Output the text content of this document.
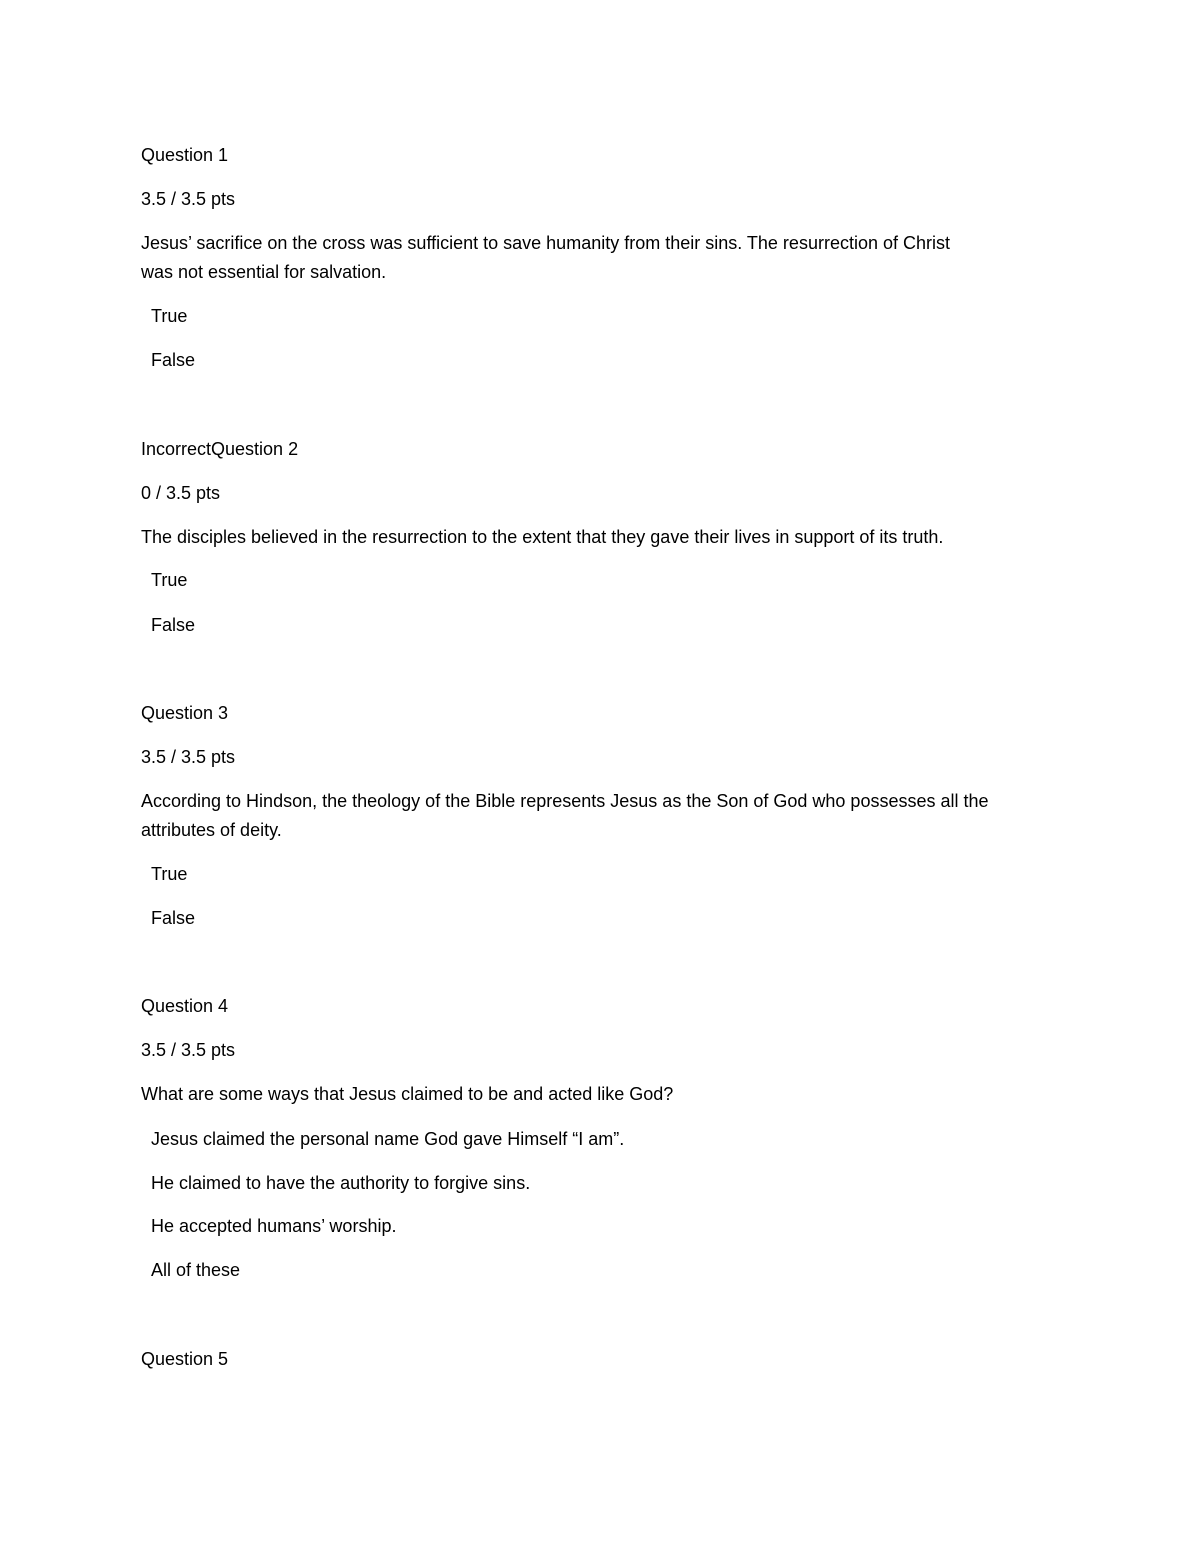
Question 1
3.5 / 3.5 pts
Jesus’ sacrifice on the cross was sufficient to save humanity from their sins. The resurrection of Christ
was not essential for salvation.
True
False
IncorrectQuestion 2
0 / 3.5 pts
The disciples believed in the resurrection to the extent that they gave their lives in support of its truth.
True
False
Question 3
3.5 / 3.5 pts
According to Hindson, the theology of the Bible represents Jesus as the Son of God who possesses all the
attributes of deity.
True
False
Question 4
3.5 / 3.5 pts
What are some ways that Jesus claimed to be and acted like God?
Jesus claimed the personal name God gave Himself “I am”.
He claimed to have the authority to forgive sins.
He accepted humans’ worship.
All of these
Question 5
